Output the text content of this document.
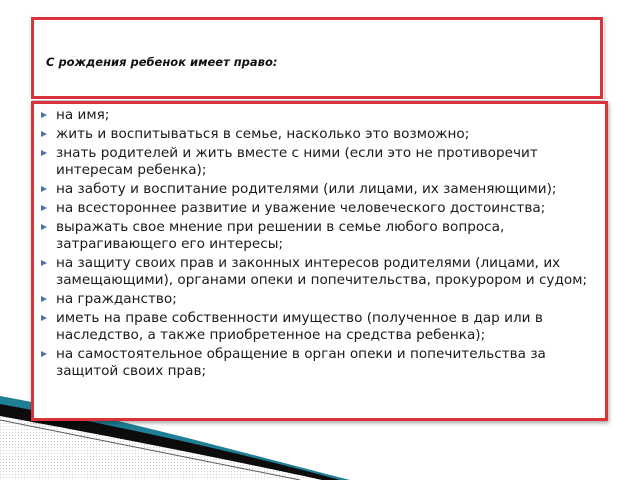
С рождения ребенок имеет право:
на имя;
жить и воспитываться в семье, насколько это возможно;
знать родителей и жить вместе с ними (если это не противоречит интересам ребенка);
на заботу и воспитание родителями (или лицами, их заменяющими);
на всестороннее развитие и уважение человеческого достоинства;
выражать свое мнение при решении в семье любого вопроса, затрагивающего его интересы;
на защиту своих прав и законных интересов родителями (лицами, их замещающими), органами опеки и попечительства, прокурором и судом;
на гражданство;
иметь на праве собственности имущество (полученное в дар или в наследство, а также приобретенное на средства ребенка);
на самостоятельное обращение в орган опеки и попечительства за защитой своих прав;
